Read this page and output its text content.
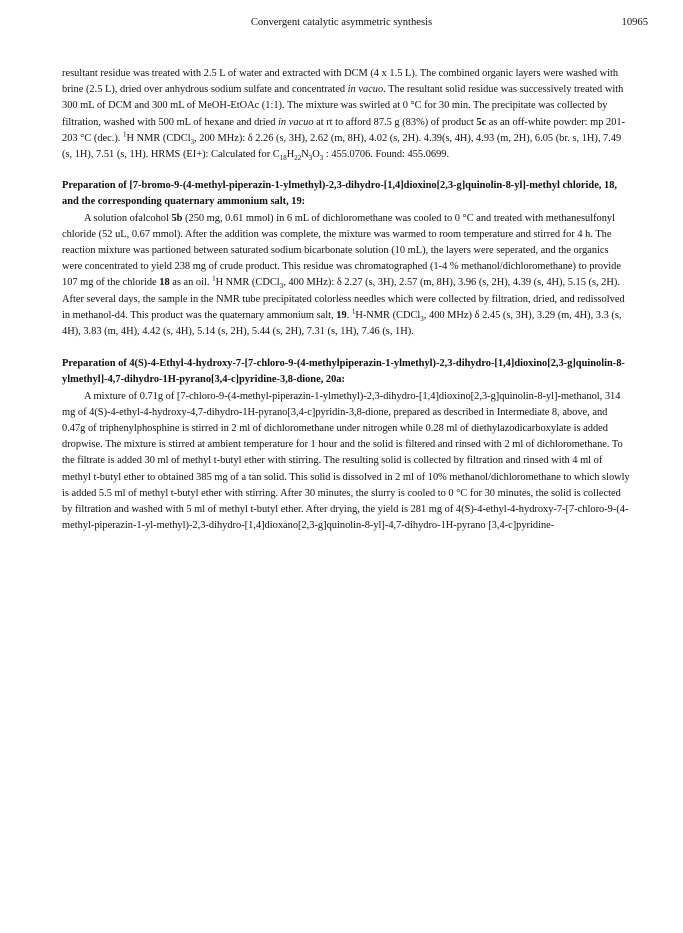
Convergent catalytic asymmetric synthesis	10965

resultant residue was treated with 2.5 L of water and extracted with DCM (4 x 1.5 L). The combined organic layers were washed with brine (2.5 L), dried over anhydrous sodium sulfate and concentrated in vacuo. The resultant solid residue was successively treated with 300 mL of DCM and 300 mL of MeOH-EtOAc (1:1). The mixture was swirled at 0 °C for 30 min. The precipitate was collected by filtration, washed with 500 mL of hexane and dried in vacuo at rt to afford 87.5 g (83%) of product 5c as an off-white powder: mp 201-203 °C (dec.). $^1$H NMR (CDCl$_3$, 200 MHz): δ 2.26 (s, 3H), 2.62 (m, 8H), 4.02 (s, 2H). 4.39(s, 4H), 4.93 (m, 2H), 6.05 (br. s, 1H), 7.49 (s, 1H), 7.51 (s, 1H). HRMS (EI+): Calculated for $C_{18}H_{22}N_3O_3$ : 455.0706. Found: 455.0699.

Preparation of [7-bromo-9-(4-methyl-piperazin-1-ylmethyl)-2,3-dihydro-[1,4]dioxino[2,3-g]quinolin-8-yl]-methyl chloride, 18,

and the corresponding quaternary ammonium salt, 19:

A solution ofalcohol 5b (250 mg, 0.61 mmol) in 6 mL of dichloromethane was cooled to 0 °C and treated with methanesulfonyl chloride (52 uL, 0.67 mmol). After the addition was complete, the mixture was warmed to room temperature and stirred for 4 h. The reaction mixture was partioned between saturated sodium bicarbonate solution (10 mL), the layers were seperated, and the organics were concentrated to yield 238 mg of crude product. This residue was chromatographed (1-4 % methanol/dichloromethane) to provide 107 mg of the chloride 18 as an oil. $^1$H NMR (CDCl$_3$, 400 MHz): δ 2.27 (s, 3H), 2.57 (m, 8H), 3.96 (s, 2H), 4.39 (s, 4H), 5.15 (s, 2H).

After several days, the sample in the NMR tube precipitated colorless needles which were collected by filtration, dried, and redissolved in methanol-d4. This product was the quaternary ammonium salt, 19. $^1$H-NMR (CDCl$_3$, 400 MHz) δ 2.45 (s, 3H), 3.29 (m, 4H), 3.3 (s, 4H), 3.83 (m, 4H), 4.42 (s, 4H), 5.14 (s, 2H), 5.44 (s, 2H), 7.31 (s, 1H), 7.46 (s, 1H).

Preparation of 4(S)-4-Ethyl-4-hydroxy-7-[7-chloro-9-(4-methylpiperazin-1-ylmethyl)-2,3-dihydro-[1,4]dioxino[2,3-g]quinolin-8-ylmethyl]-4,7-dihydro-1H-pyrano[3,4-c]pyridine-3,8-dione, 20a:

A mixture of 0.71g of [7-chloro-9-(4-methyl-piperazin-1-ylmethyl)-2,3-dihydro-[1,4]dioxino[2,3-g]quinolin-8-yl]-methanol, 314 mg of 4(S)-4-ethyl-4-hydroxy-4,7-dihydro-1H-pyrano[3,4-c]pyridin-3,8-dione, prepared as described in Intermediate 8, above, and 0.47g of triphenylphosphine is stirred in 2 ml of dichloromethane under nitrogen while 0.28 ml of diethylazodicarboxylate is added dropwise. The mixture is stirred at ambient temperature for 1 hour and the solid is filtered and rinsed with 2 ml of dichloromethane. To the filtrate is added 30 ml of methyl t-butyl ether with stirring. The resulting solid is collected by filtration and rinsed with 4 ml of methyl t-butyl ether to obtained 385 mg of a tan solid. This solid is dissolved in 2 ml of 10% methanol/dichloromethane to which slowly is added 5.5 ml of methyl t-butyl ether with stirring. After 30 minutes, the slurry is cooled to 0 °C for 30 minutes, the solid is collected by filtration and washed with 5 ml of methyl t-butyl ether. After drying, the yield is 281 mg of 4(S)-4-ethyl-4-hydroxy-7-[7-chloro-9-(4-methyl-piperazin-1-yl-methyl)-2,3-dihydro-[1,4]dioxano[2,3-g]quinolin-8-yl]-4,7-dihydro-1H-pyrano [3,4-c]pyridine-
